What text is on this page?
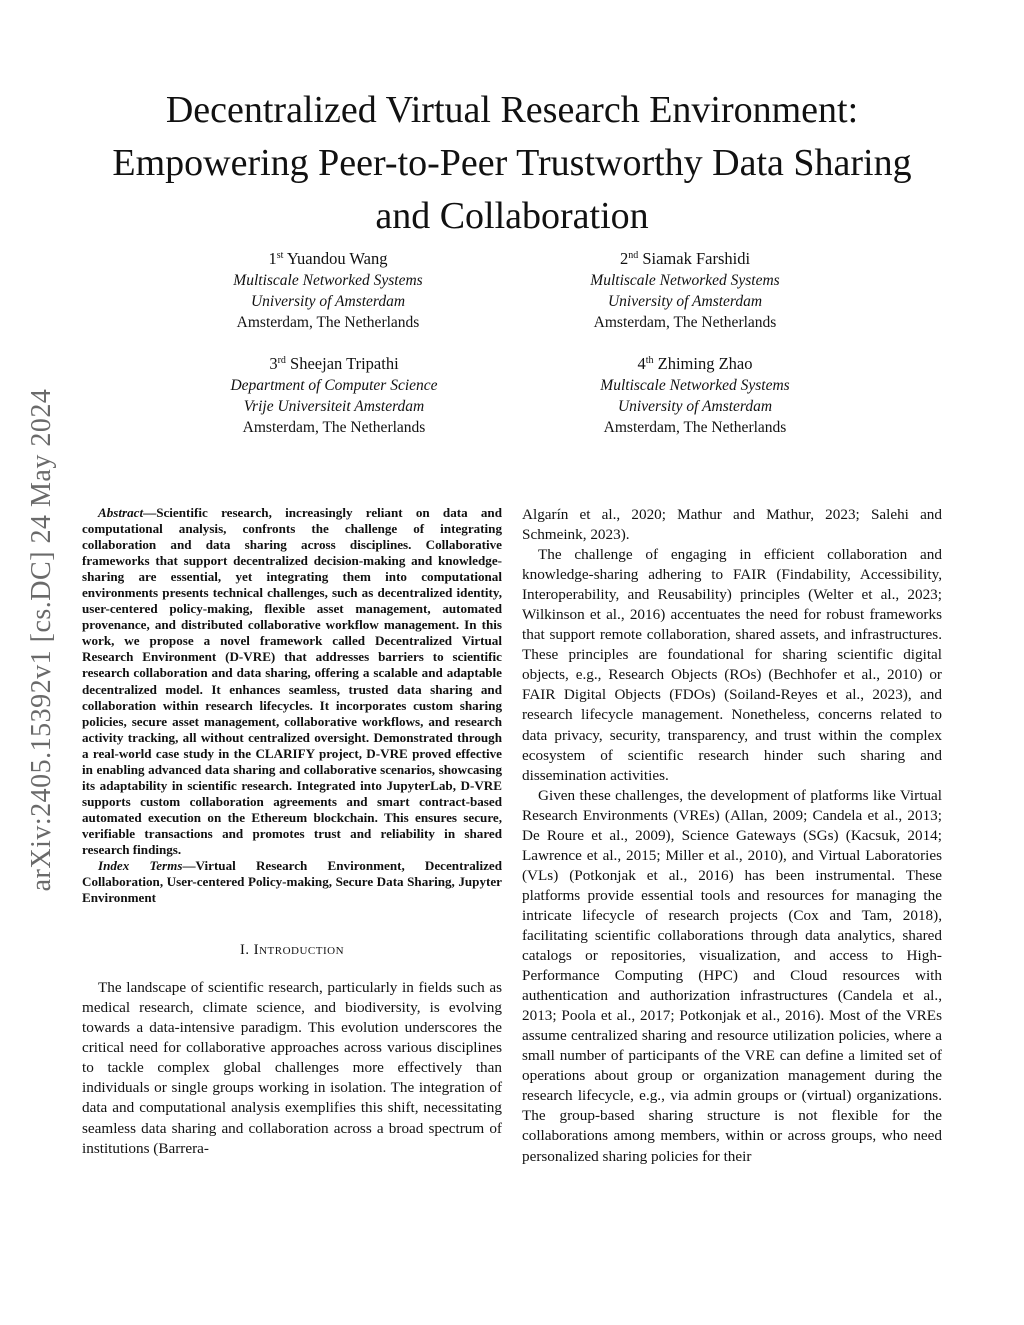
Decentralized Virtual Research Environment:
Empowering Peer-to-Peer Trustworthy Data Sharing
and Collaboration
1st Yuandou Wang
Multiscale Networked Systems
University of Amsterdam
Amsterdam, The Netherlands
2nd Siamak Farshidi
Multiscale Networked Systems
University of Amsterdam
Amsterdam, The Netherlands
3rd Sheejan Tripathi
Department of Computer Science
Vrije Universiteit Amsterdam
Amsterdam, The Netherlands
4th Zhiming Zhao
Multiscale Networked Systems
University of Amsterdam
Amsterdam, The Netherlands
arXiv:2405.15392v1 [cs.DC] 24 May 2024	Abstract—Scientific research, increasingly reliant on data and computational analysis, confronts the challenge of integrating collaboration and data sharing across disciplines. Collaborative frameworks that support decentralized decision-making and knowledge-sharing are essential, yet integrating them into computational environments presents technical challenges, such as decentralized identity, user-centered policy-making, flexible asset management, automated provenance, and distributed collaborative workflow management. In this work, we propose a novel framework called Decentralized Virtual Research Environment (D-VRE) that addresses barriers to scientific research collaboration and data sharing, offering a scalable and adaptable decentralized model. It enhances seamless, trusted data sharing and collaboration within research lifecycles. It incorporates custom sharing policies, secure asset management, collaborative workflows, and research activity tracking, all without centralized oversight. Demonstrated through a real-world case study in the CLARIFY project, D-VRE proved effective in enabling advanced data sharing and collaborative scenarios, showcasing its adaptability in scientific research. Integrated into JupyterLab, D-VRE supports custom collaboration agreements and smart contract-based automated execution on the Ethereum blockchain. This ensures secure, verifiable transactions and promotes trust and reliability in shared research findings.

Index Terms—Virtual Research Environment, Decentralized Collaboration, User-centered Policy-making, Secure Data Sharing, Jupyter Environment

I. Introduction

The landscape of scientific research, particularly in fields such as medical research, climate science, and biodiversity, is evolving towards a data-intensive paradigm. This evolution underscores the critical need for collaborative approaches across various disciplines to tackle complex global challenges more effectively than individuals or single groups working in isolation. The integration of data and computational analysis exemplifies this shift, necessitating seamless data sharing and collaboration across a broad spectrum of institutions (Barrera-

Algarín et al., 2020; Mathur and Mathur, 2023; Salehi and Schmeink, 2023).

The challenge of engaging in efficient collaboration and knowledge-sharing adhering to FAIR (Findability, Accessibility, Interoperability, and Reusability) principles (Welter et al., 2023; Wilkinson et al., 2016) accentuates the need for robust frameworks that support remote collaboration, shared assets, and infrastructures. These principles are foundational for sharing scientific digital objects, e.g., Research Objects (ROs) (Bechhofer et al., 2010) or FAIR Digital Objects (FDOs) (Soiland-Reyes et al., 2023), and research lifecycle management. Nonetheless, concerns related to data privacy, security, transparency, and trust within the complex ecosystem of scientific research hinder such sharing and dissemination activities.

Given these challenges, the development of platforms like Virtual Research Environments (VREs) (Allan, 2009; Candela et al., 2013; De Roure et al., 2009), Science Gateways (SGs) (Kacsuk, 2014; Lawrence et al., 2015; Miller et al., 2010), and Virtual Laboratories (VLs) (Potkonjak et al., 2016) has been instrumental. These platforms provide essential tools and resources for managing the intricate lifecycle of research projects (Cox and Tam, 2018), facilitating scientific collaborations through data analytics, shared catalogs or repositories, visualization, and access to High-Performance Computing (HPC) and Cloud resources with authentication and authorization infrastructures (Candela et al., 2013; Poola et al., 2017; Potkonjak et al., 2016). Most of the VREs assume centralized sharing and resource utilization policies, where a small number of participants of the VRE can define a limited set of operations about group or organization management during the research lifecycle, e.g., via admin groups or (virtual) organizations. The group-based sharing structure is not flexible for the collaborations among members, within or across groups, who need personalized sharing policies for their
